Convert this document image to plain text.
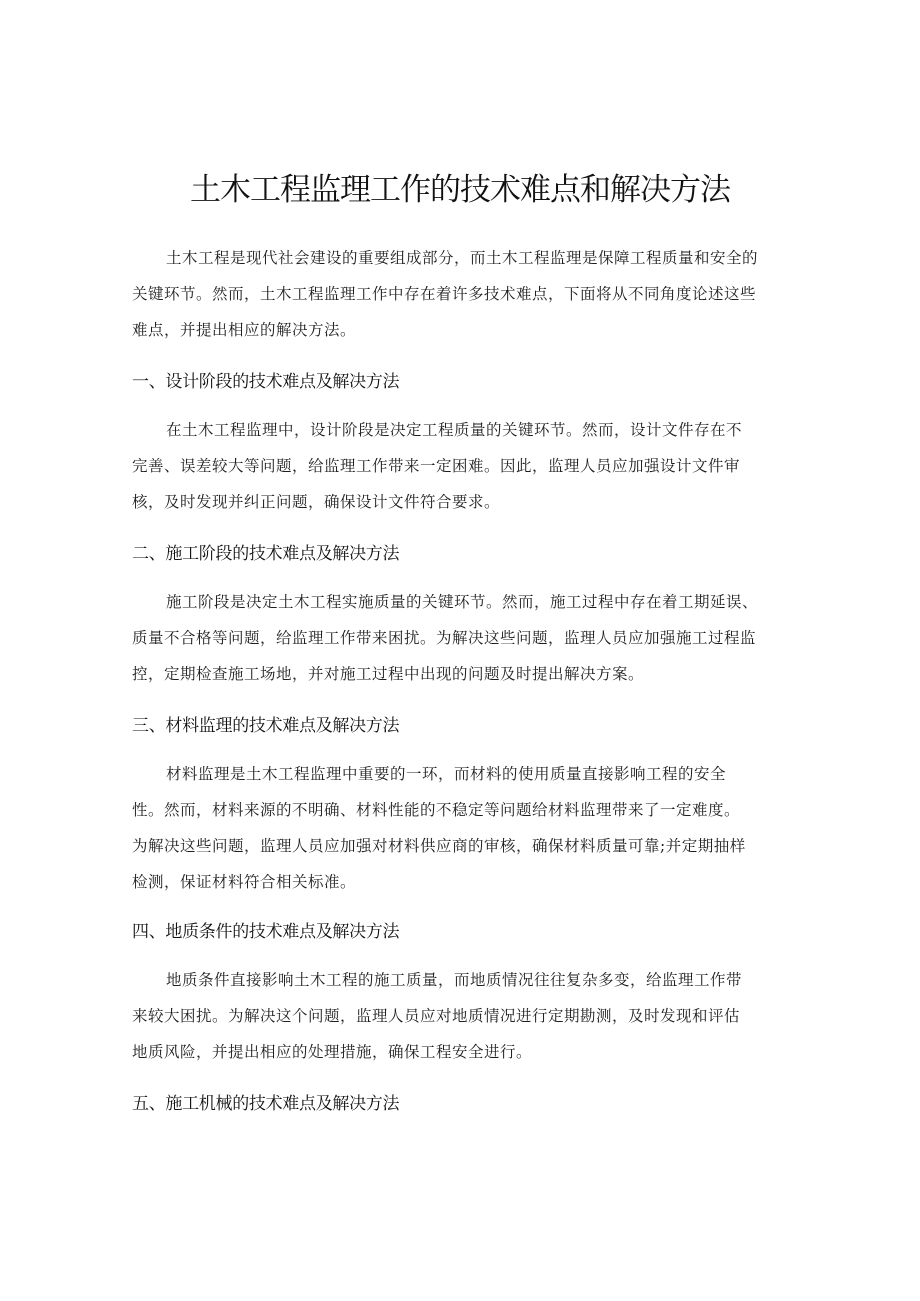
土木工程监理工作的技术难点和解决方法

土木工程是现代社会建设的重要组成部分，而土木工程监理是保障工程质量和安全的
关键环节。然而，土木工程监理工作中存在着许多技术难点，下面将从不同角度论述这些
难点，并提出相应的解决方法。

一、设计阶段的技术难点及解决方法

在土木工程监理中，设计阶段是决定工程质量的关键环节。然而，设计文件存在不
完善、误差较大等问题，给监理工作带来一定困难。因此，监理人员应加强设计文件审
核，及时发现并纠正问题，确保设计文件符合要求。

二、施工阶段的技术难点及解决方法

施工阶段是决定土木工程实施质量的关键环节。然而，施工过程中存在着工期延误、
质量不合格等问题，给监理工作带来困扰。为解决这些问题，监理人员应加强施工过程监
控，定期检查施工场地，并对施工过程中出现的问题及时提出解决方案。

三、材料监理的技术难点及解决方法

材料监理是土木工程监理中重要的一环，而材料的使用质量直接影响工程的安全
性。然而，材料来源的不明确、材料性能的不稳定等问题给材料监理带来了一定难度。
为解决这些问题，监理人员应加强对材料供应商的审核，确保材料质量可靠;并定期抽样
检测，保证材料符合相关标准。

四、地质条件的技术难点及解决方法

地质条件直接影响土木工程的施工质量，而地质情况往往复杂多变，给监理工作带
来较大困扰。为解决这个问题，监理人员应对地质情况进行定期勘测，及时发现和评估
地质风险，并提出相应的处理措施，确保工程安全进行。

五、施工机械的技术难点及解决方法
